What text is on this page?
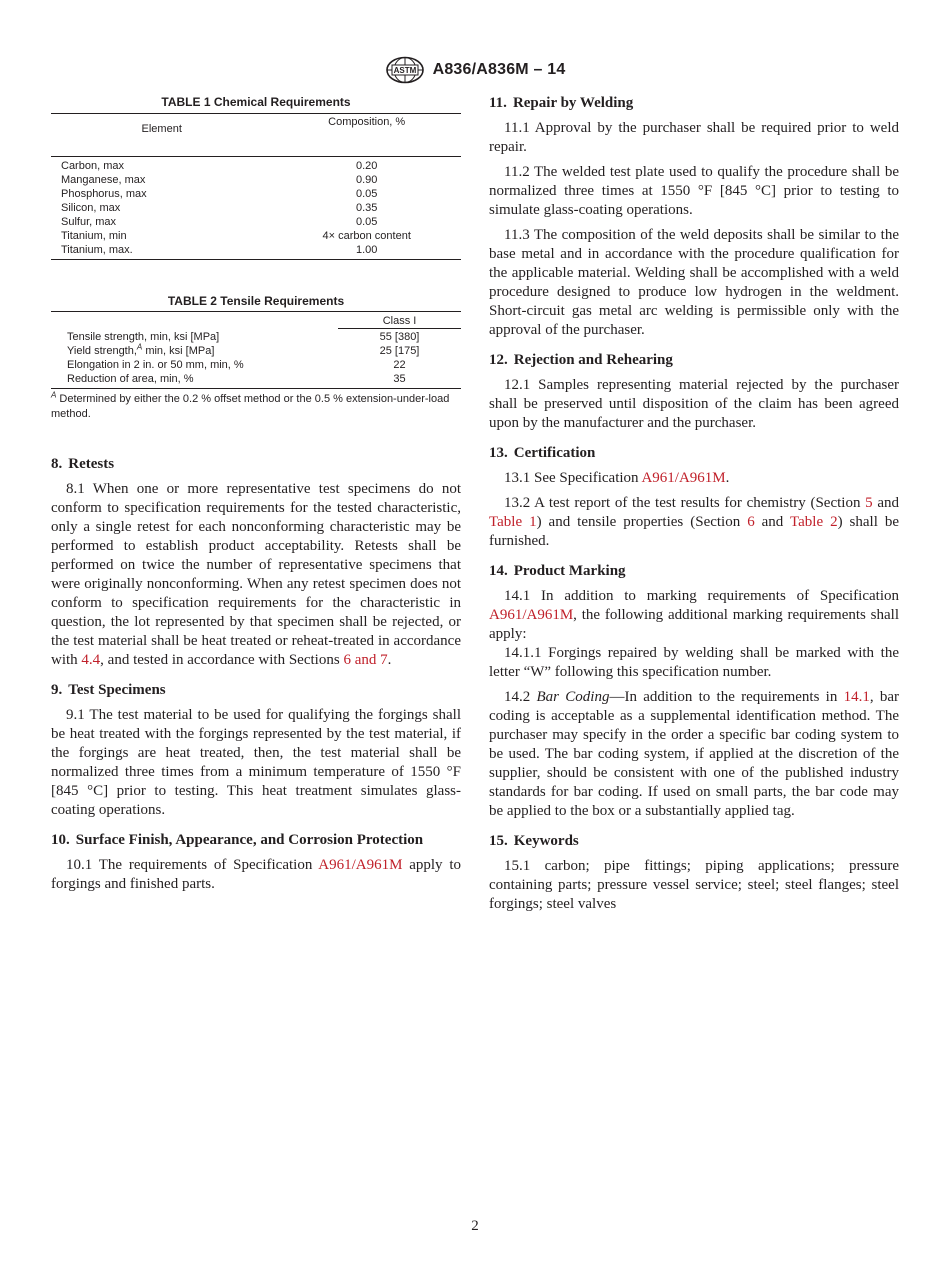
ASTM A836/A836M – 14
TABLE 1 Chemical Requirements
Element	Composition, %
Carbon, max	0.20
Manganese, max	0.90
Phosphorus, max	0.05
Silicon, max	0.35
Sulfur, max	0.05
Titanium, min	4× carbon content
Titanium, max.	1.00
TABLE 2 Tensile Requirements
	Class I
Tensile strength, min, ksi [MPa]	55 [380]
Yield strength,$^A$ min, ksi [MPa]	25 [175]
Elongation in 2 in. or 50 mm, min, %	22
Reduction of area, min, %	35
$^A$ Determined by either the 0.2 % offset method or the 0.5 % extension-under-load method.
8. Retests

8.1 When one or more representative test specimens do not conform to specification requirements for the tested characteristic, only a single retest for each nonconforming characteristic may be performed to establish product acceptability. Retests shall be performed on twice the number of representative specimens that were originally nonconforming. When any retest specimen does not conform to specification requirements for the characteristic in question, the lot represented by that specimen shall be rejected, or the test material shall be heat treated or reheat-treated in accordance with 4.4, and tested in accordance with Sections 6 and 7.

9. Test Specimens

9.1 The test material to be used for qualifying the forgings shall be heat treated with the forgings represented by the test material, if the forgings are heat treated, then, the test material shall be normalized three times from a minimum temperature of 1550 °F [845 °C] prior to testing. This heat treatment simulates glass-coating operations.

10. Surface Finish, Appearance, and Corrosion Protection

10.1 The requirements of Specification A961/A961M apply to forgings and finished parts.

11. Repair by Welding

11.1 Approval by the purchaser shall be required prior to weld repair.

11.2 The welded test plate used to qualify the procedure shall be normalized three times at 1550 °F [845 °C] prior to testing to simulate glass-coating operations.

11.3 The composition of the weld deposits shall be similar to the base metal and in accordance with the procedure qualification for the applicable material. Welding shall be accomplished with a weld procedure designed to produce low hydrogen in the weldment. Short-circuit gas metal arc welding is permissible only with the approval of the purchaser.

12. Rejection and Rehearing

12.1 Samples representing material rejected by the purchaser shall be preserved until disposition of the claim has been agreed upon by the manufacturer and the purchaser.

13. Certification

13.1 See Specification A961/A961M.

13.2 A test report of the test results for chemistry (Section 5 and Table 1) and tensile properties (Section 6 and Table 2) shall be furnished.

14. Product Marking

14.1 In addition to marking requirements of Specification A961/A961M, the following additional marking requirements shall apply:

14.1.1 Forgings repaired by welding shall be marked with the letter “W” following this specification number.

14.2 Bar Coding—In addition to the requirements in 14.1, bar coding is acceptable as a supplemental identification method. The purchaser may specify in the order a specific bar coding system to be used. The bar coding system, if applied at the discretion of the supplier, should be consistent with one of the published industry standards for bar coding. If used on small parts, the bar code may be applied to the box or a substantially applied tag.

15. Keywords

15.1 carbon; pipe fittings; piping applications; pressure containing parts; pressure vessel service; steel; steel flanges; steel forgings; steel valves

2
